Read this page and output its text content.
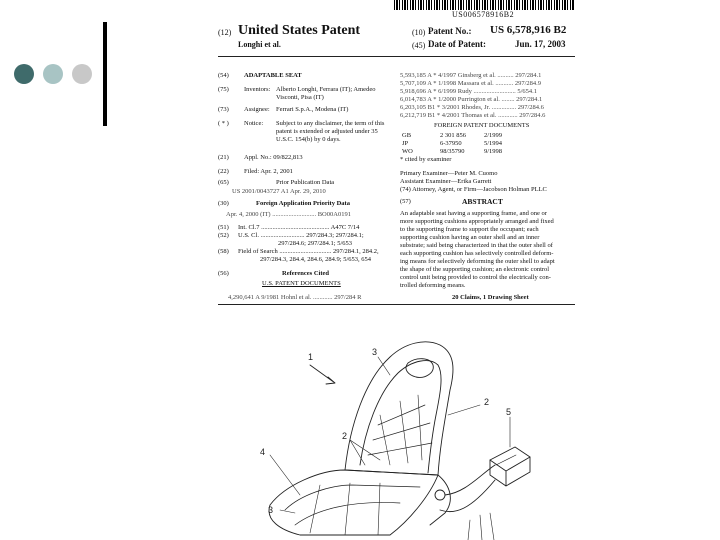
US006578916B2
(12) United States Patent
Longhi et al.
(10) Patent No.: US 6,578,916 B2
(45) Date of Patent:	Jun. 17, 2003
(54) ADAPTABLE SEAT
(75) Inventors: Alberto Longhi, Ferrara (IT); Amedeo
Visconti, Pisa (IT)
(73) Assignee: Ferrari S.p.A., Modena (IT)
( * ) Notice: Subject to any disclaimer, the term of this
patent is extended or adjusted under 35
U.S.C. 154(b) by 0 days.
(21) Appl. No.: 09/822,813
(22) Filed: Apr. 2, 2001
(65)	Prior Publication Data
US 2001/0043727 A1 Apr. 29, 2010
(30)	Foreign Application Priority Data
Apr. 4, 2000 (IT) ........................... BO00A0191
(51) Int. Cl.7 .......................................... A47C 7/14
(52) U.S. Cl. ........................... 297/284.3; 297/284.1;
297/284.6; 297/284.1; 5/653
(58) Field of Search ................................ 297/284.1, 284.2,
297/284.3, 284.4, 284.6, 284.9; 5/653, 654
(56)	References Cited
U.S. PATENT DOCUMENTS
4,290,641 A 9/1981 Hohnl et al. ............ 297/284 R
5,593,185 A * 4/1997 Ginsberg et al. .......... 297/284.1
5,707,109 A * 1/1998 Massara et al. ........... 297/284.9
5,918,696 A * 6/1999 Rudy .......................... 5/654.1
6,014,783 A * 1/2000 Purrington et al. ........ 297/284.1
6,203,105 B1 * 3/2001 Rhodes, Jr. ............... 297/284.6
6,212,719 B1 * 4/2001 Thomas et al. ............ 297/284.6
FOREIGN PATENT DOCUMENTS
GB	2 301 856	2/1999
JP	6-37950	5/1994
WO	98/35790	9/1998
* cited by examiner
Primary Examiner—Peter M. Cuomo
Assistant Examiner—Erika Garrett
(74) Attorney, Agent, or Firm—Jacobson Holman PLLC
(57)	ABSTRACT
An adaptable seat having a supporting frame, and one or
more supporting cushions appropriately arranged and fixed
to the supporting frame to support the occupant; each
supporting cushion having an outer shell and an inner
substrate; said being characterized in that the outer shell of
each supporting cushion has selectively controlled deform-
ing means for selectively deforming the outer shell to adapt
the shape of the supporting cushion; an electronic control
control unit being provided to control the electrically con-
trolled deforming means.
20 Claims, 1 Drawing Sheet
1	3
2
5
4
3
2
